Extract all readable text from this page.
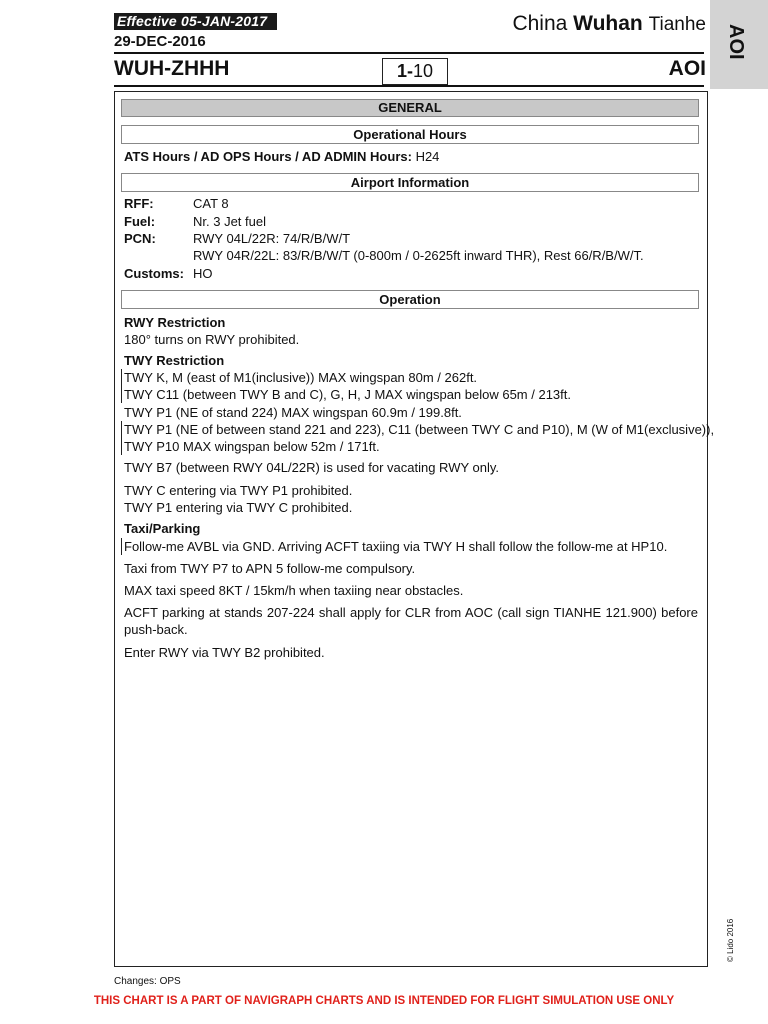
Effective 05-JAN-2017
29-DEC-2016
WUH-ZHHH
China Wuhan Tianhe
1-10	AOI
AOI
GENERAL
Operational Hours
ATS Hours / AD OPS Hours / AD ADMIN Hours: H24
Airport Information
RFF:	CAT 8
Fuel:	Nr. 3 Jet fuel
PCN:	RWY 04L/22R: 74/R/B/W/T
RWY 04R/22L: 83/R/B/W/T (0-800m / 0-2625ft inward THR), Rest 66/R/B/W/T.
Customs: HO
Operation
RWY Restriction
180° turns on RWY prohibited.
TWY Restriction
TWY K, M (east of M1(inclusive)) MAX wingspan 80m / 262ft.
TWY C11 (between TWY B and C), G, H, J MAX wingspan below 65m / 213ft.
TWY P1 (NE of stand 224) MAX wingspan 60.9m / 199.8ft.
TWY P1 (NE of between stand 221 and 223), C11 (between TWY C and P10), M (W of M1(exclusive)),
TWY P10 MAX wingspan below 52m / 171ft.
TWY B7 (between RWY 04L/22R) is used for vacating RWY only.
TWY C entering via TWY P1 prohibited.
TWY P1 entering via TWY C prohibited.
Taxi/Parking
Follow-me AVBL via GND. Arriving ACFT taxiing via TWY H shall follow the follow-me at HP10.
Taxi from TWY P7 to APN 5 follow-me compulsory.
MAX taxi speed 8KT / 15km/h when taxiing near obstacles.
ACFT parking at stands 207-224 shall apply for CLR from AOC (call sign TIANHE 121.900) before push-back.
Enter RWY via TWY B2 prohibited.
© Lido 2016
Changes: OPS
THIS CHART IS A PART OF NAVIGRAPH CHARTS AND IS INTENDED FOR FLIGHT SIMULATION USE ONLY
